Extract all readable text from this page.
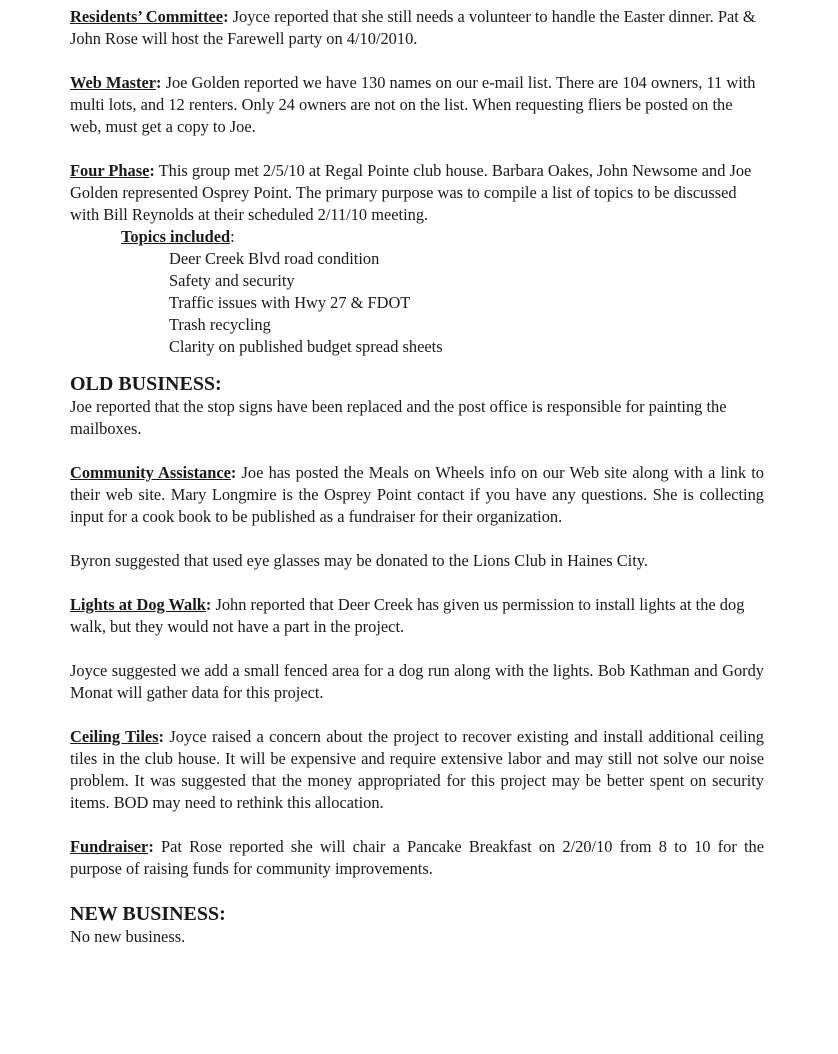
Residents’ Committee: Joyce reported that she still needs a volunteer to handle the Easter dinner. Pat & John Rose will host the Farewell party on 4/10/2010.

Web Master: Joe Golden reported we have 130 names on our e-mail list. There are 104 owners, 11 with multi lots, and 12 renters. Only 24 owners are not on the list. When requesting fliers be posted on the web, must get a copy to Joe.

Four Phase: This group met 2/5/10 at Regal Pointe club house. Barbara Oakes, John Newsome and Joe Golden represented Osprey Point. The primary purpose was to compile a list of topics to be discussed with Bill Reynolds at their scheduled 2/11/10 meeting.

Topics included:
Deer Creek Blvd road condition
Safety and security
Traffic issues with Hwy 27 & FDOT
Trash recycling
Clarity on published budget spread sheets
OLD BUSINESS:

Joe reported that the stop signs have been replaced and the post office is responsible for painting the mailboxes.

Community Assistance: Joe has posted the Meals on Wheels info on our Web site along with a link to their web site. Mary Longmire is the Osprey Point contact if you have any questions. She is collecting input for a cook book to be published as a fundraiser for their organization.

Byron suggested that used eye glasses may be donated to the Lions Club in Haines City.

Lights at Dog Walk: John reported that Deer Creek has given us permission to install lights at the dog walk, but they would not have a part in the project.

Joyce suggested we add a small fenced area for a dog run along with the lights. Bob Kathman and Gordy Monat will gather data for this project.

Ceiling Tiles: Joyce raised a concern about the project to recover existing and install additional ceiling tiles in the club house. It will be expensive and require extensive labor and may still not solve our noise problem. It was suggested that the money appropriated for this project may be better spent on security items. BOD may need to rethink this allocation.

Fundraiser: Pat Rose reported she will chair a Pancake Breakfast on 2/20/10 from 8 to 10 for the purpose of raising funds for community improvements.

NEW BUSINESS:

No new business.
